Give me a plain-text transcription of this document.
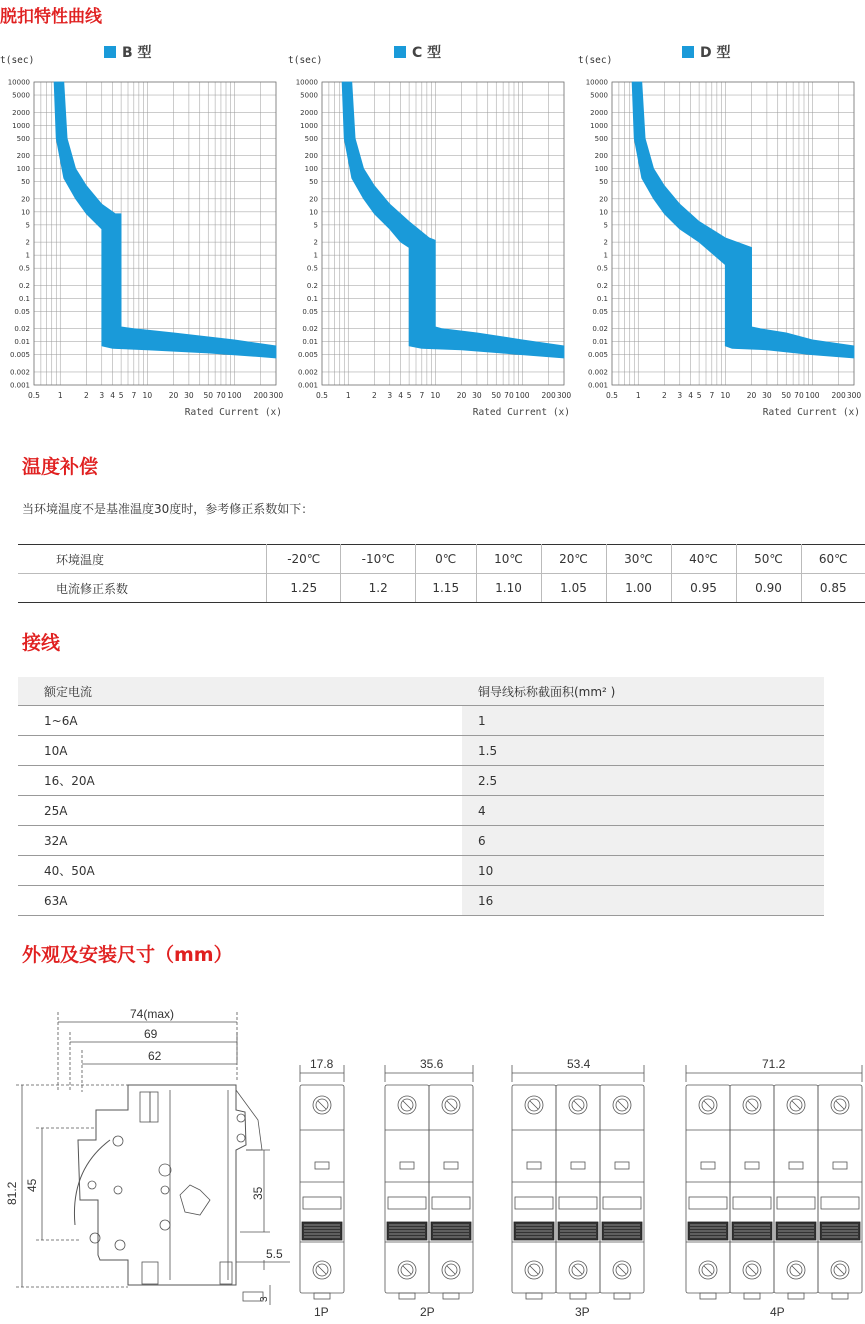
脱扣特性曲线
B 型
t(sec)
10000
5000
2000
1000
500
200
100
50
20
10
5
2
1
0.5
0.2
0.1
0.05
0.02
0.01
0.005
0.002
0.001
0.5 1	2 3 4 5 7 10 20 30 50 70 100 200 300
Rated Current (x)
C 型
t(sec)
10000
5000
2000
1000
500
200
100
50
20
10
5
2
1
0.5
0.2
0.1
0.05
0.02
0.01
0.005
0.002
0.001
0.5 1	2 3 4 5 7 10 20 30 50 70 100 200 300
Rated Current (x)
D 型
t(sec)
10000
5000
2000
1000
500
200
100
50
20
10
5
2
1
0.5
0.2
0.1
0.05
0.02
0.01
0.005
0.002
0.001
0.5 1	2 3 4 5 7 10 20 30 50 70 100 200 300
Rated Current (x)
温度补偿
当环境温度不是基准温度30度时，参考修正系数如下：
环境温度	-20℃	-10℃	0℃	10℃	20℃	30℃	40℃	50℃	60℃
电流修正系数	1.25	1.2	1.15	1.10	1.05	1.00	0.95	0.90	0.85
接线
额定电流	铜导线标称截面积(mm² )
1~6A	1
10A	1.5
16、20A	2.5
25A	4
32A	6
40、50A	10
63A	16
外观及安装尺寸（mm）
74(max)
69
62
81.2 45
35
5.5
3
17.8	35.6	53.4	71.2
1P	2P	3P	4P
